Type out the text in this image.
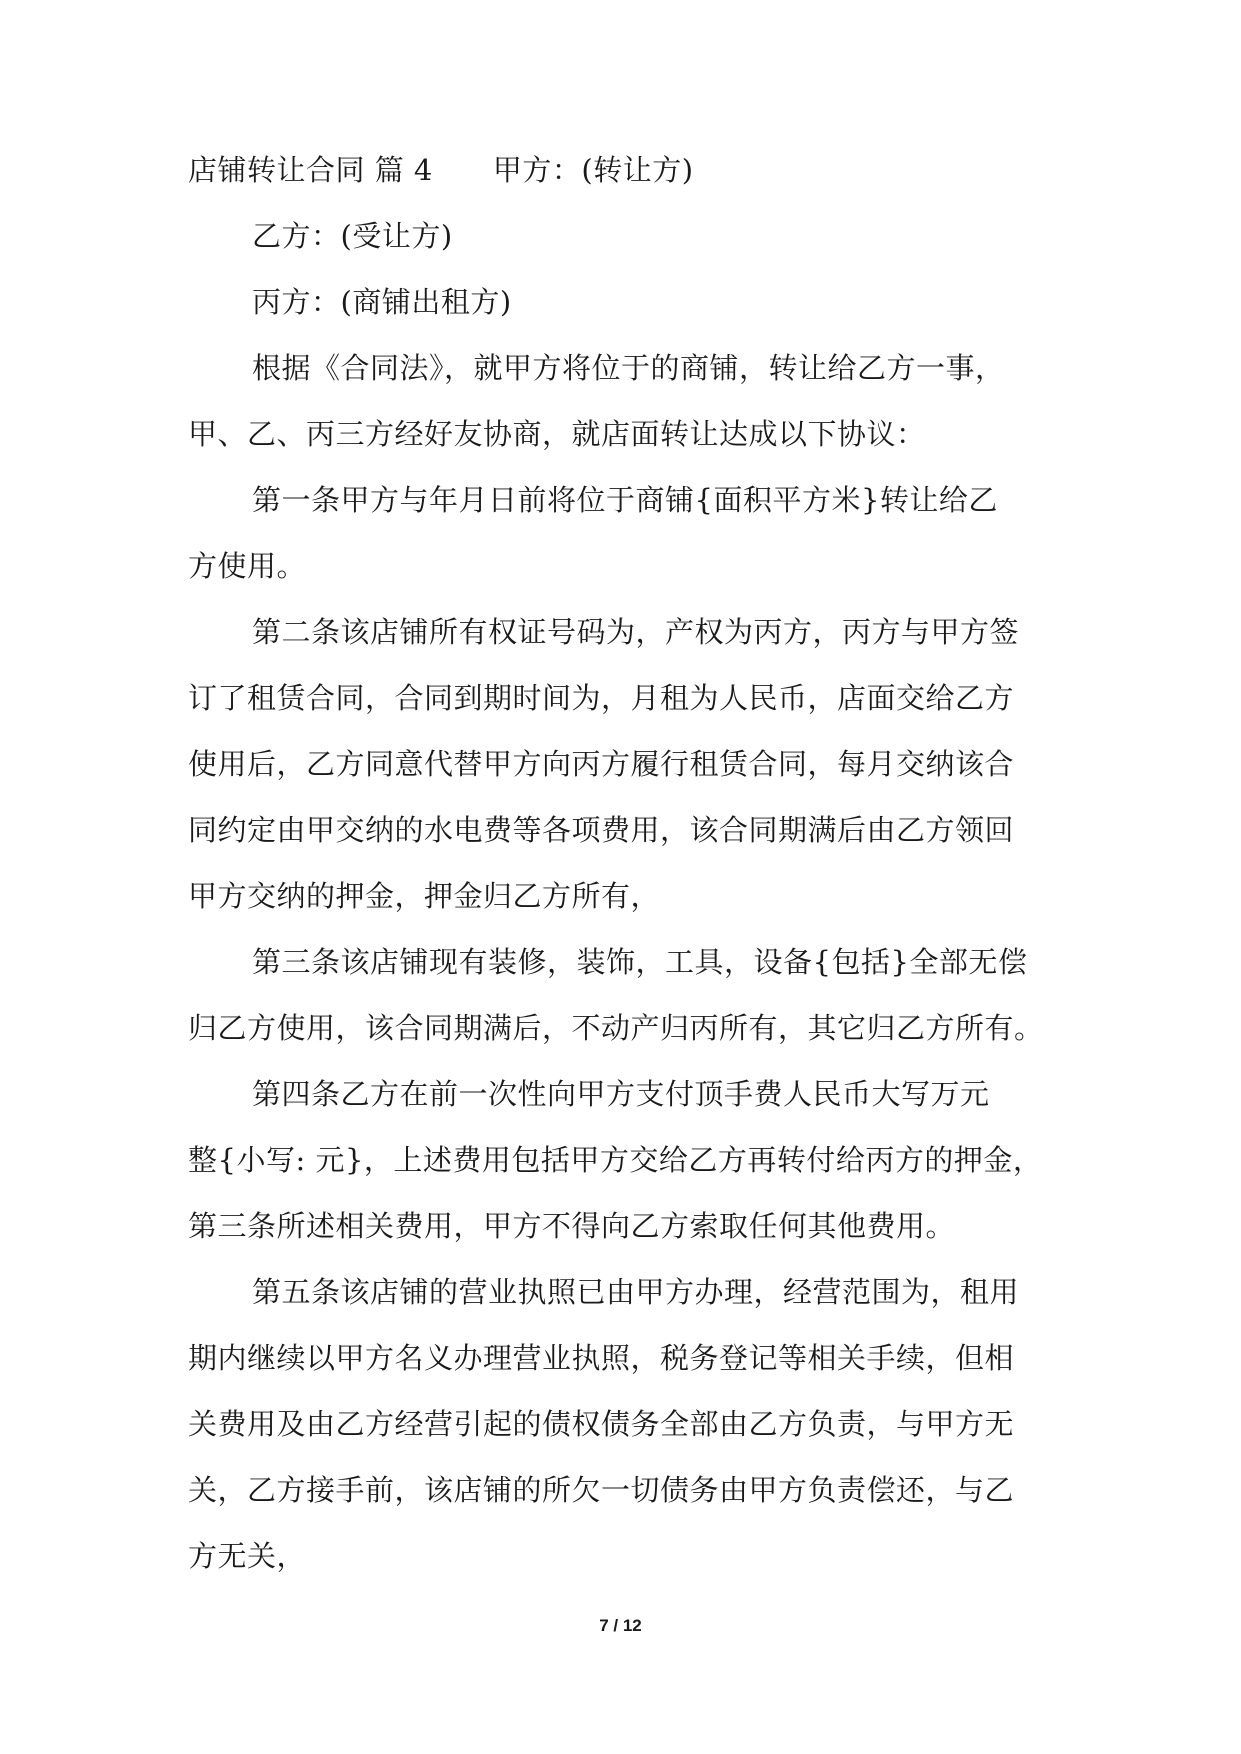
店铺转让合同 篇 4 甲方：(转让方)
乙方：(受让方)
丙方：(商铺出租方)
根据《合同法》，就甲方将位于的商铺，转让给乙方一事，
甲、乙、丙三方经好友协商，就店面转让达成以下协议：
第一条甲方与年月日前将位于商铺{面积平方米}转让给乙
方使用。
第二条该店铺所有权证号码为，产权为丙方，丙方与甲方签
订了租赁合同，合同到期时间为，月租为人民币，店面交给乙方
使用后，乙方同意代替甲方向丙方履行租赁合同，每月交纳该合
同约定由甲交纳的水电费等各项费用，该合同期满后由乙方领回
甲方交纳的押金，押金归乙方所有，
第三条该店铺现有装修，装饰，工具，设备{包括}全部无偿
归乙方使用，该合同期满后，不动产归丙所有，其它归乙方所有。
第四条乙方在前一次性向甲方支付顶手费人民币大写万元
整{小写: 元}，上述费用包括甲方交给乙方再转付给丙方的押金，
第三条所述相关费用，甲方不得向乙方索取任何其他费用。
第五条该店铺的营业执照已由甲方办理，经营范围为，租用
期内继续以甲方名义办理营业执照，税务登记等相关手续，但相
关费用及由乙方经营引起的债权债务全部由乙方负责，与甲方无
关，乙方接手前，该店铺的所欠一切债务由甲方负责偿还，与乙
方无关，
7 / 12
